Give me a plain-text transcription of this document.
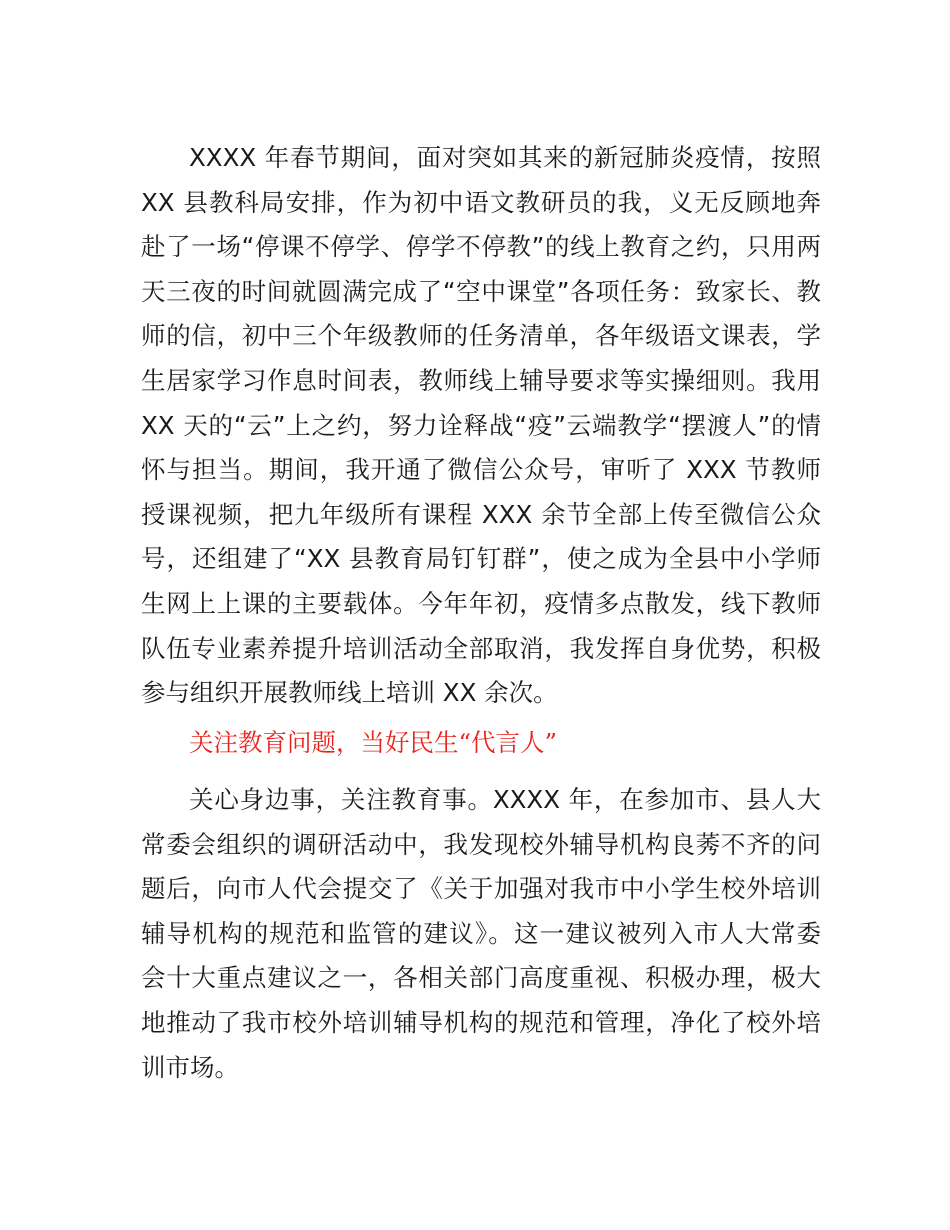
XXXX 年春节期间，面对突如其来的新冠肺炎疫情，按照
XX 县教科局安排，作为初中语文教研员的我，义无反顾地奔
赴了一场“停课不停学、停学不停教”的线上教育之约，只用两
天三夜的时间就圆满完成了“空中课堂”各项任务：致家长、教
师的信，初中三个年级教师的任务清单，各年级语文课表，学
生居家学习作息时间表，教师线上辅导要求等实操细则。我用
XX 天的“云”上之约，努力诠释战“疫”云端教学“摆渡人”的情
怀与担当。期间，我开通了微信公众号，审听了 XXX 节教师
授课视频，把九年级所有课程 XXX 余节全部上传至微信公众
号，还组建了“XX 县教育局钉钉群”，使之成为全县中小学师
生网上上课的主要载体。今年年初，疫情多点散发，线下教师
队伍专业素养提升培训活动全部取消，我发挥自身优势，积极
参与组织开展教师线上培训 XX 余次。
关注教育问题，当好民生“代言人”
关心身边事，关注教育事。XXXX 年，在参加市、县人大
常委会组织的调研活动中，我发现校外辅导机构良莠不齐的问
题后，向市人代会提交了《关于加强对我市中小学生校外培训
辅导机构的规范和监管的建议》。这一建议被列入市人大常委
会十大重点建议之一，各相关部门高度重视、积极办理，极大
地推动了我市校外培训辅导机构的规范和管理，净化了校外培
训市场。
